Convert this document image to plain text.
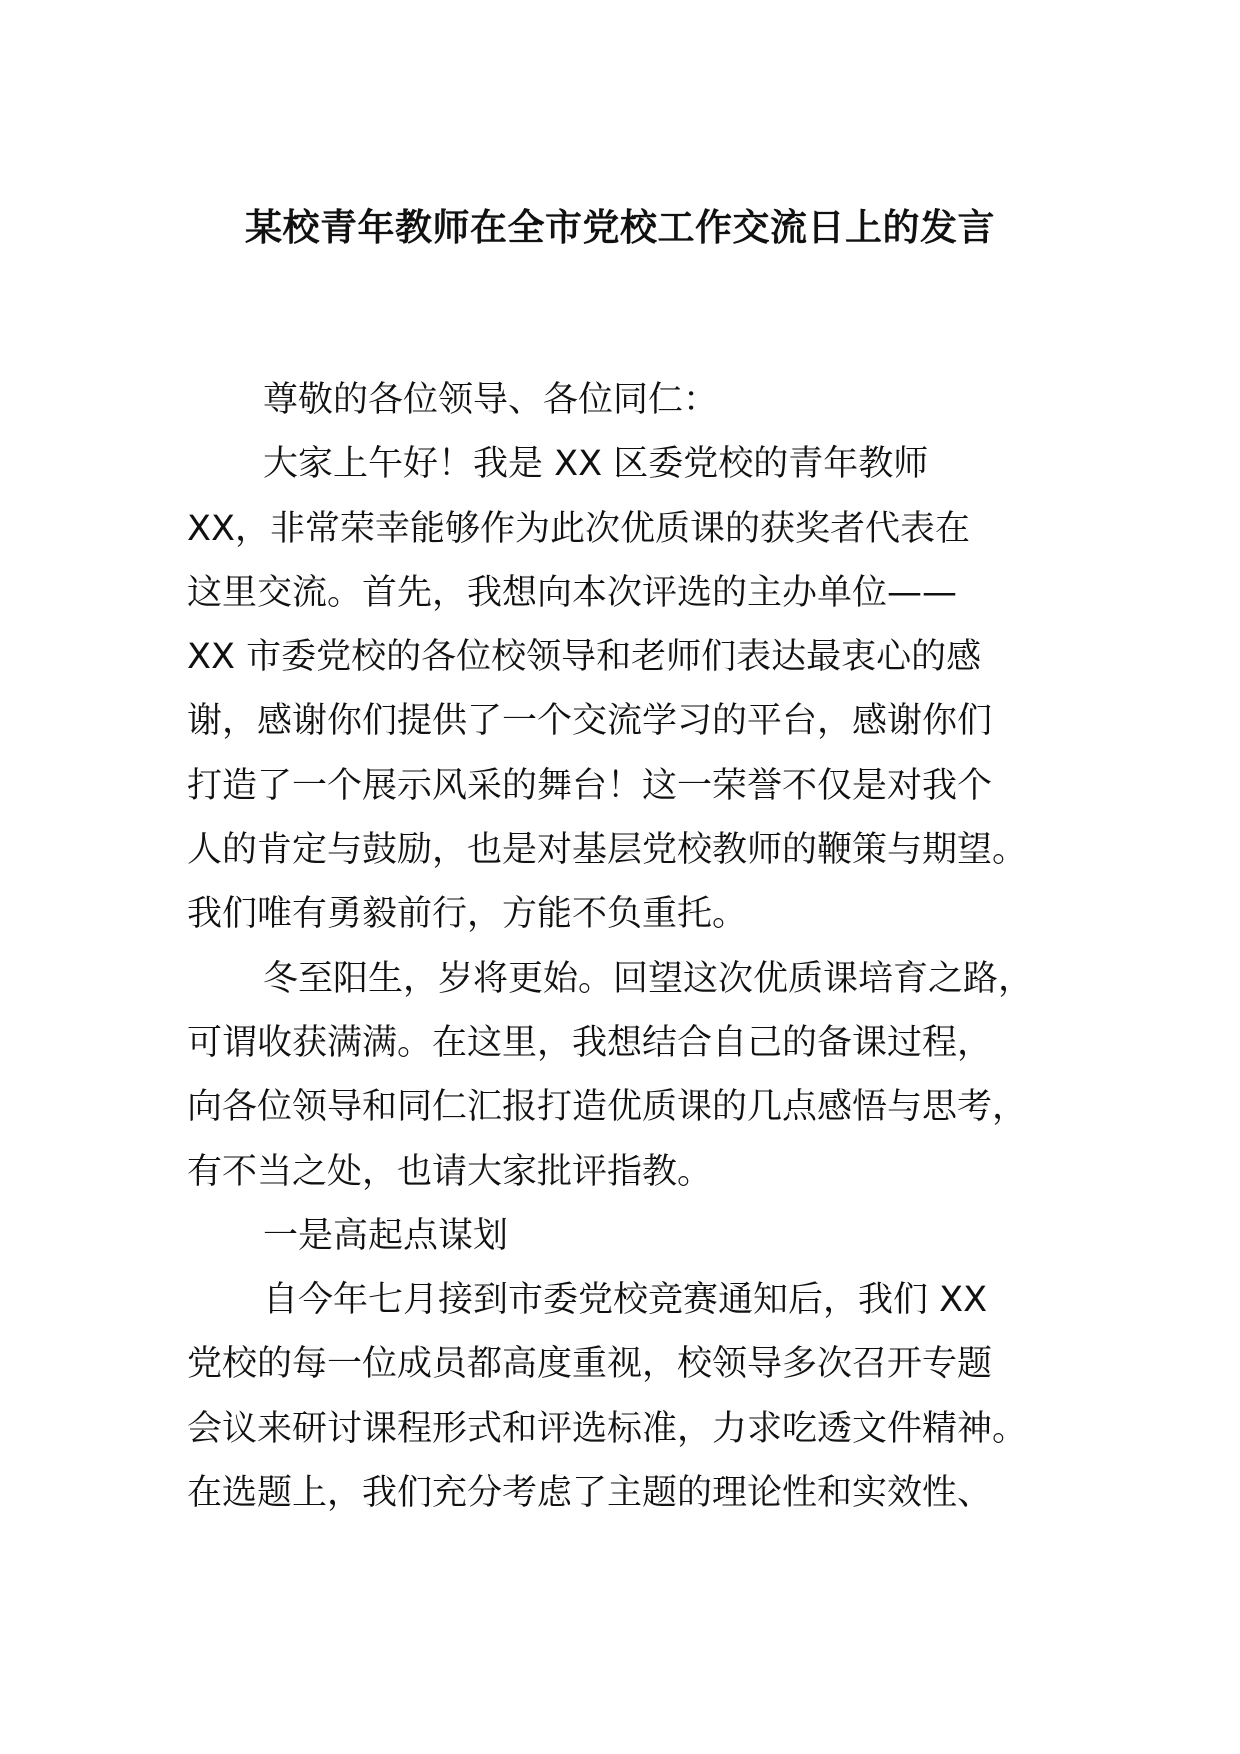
某校青年教师在全市党校工作交流日上的发言
尊敬的各位领导、各位同仁：
大家上午好！我是 XX 区委党校的青年教师
XX，非常荣幸能够作为此次优质课的获奖者代表在
这里交流。首先，我想向本次评选的主办单位——
XX 市委党校的各位校领导和老师们表达最衷心的感
谢，感谢你们提供了一个交流学习的平台，感谢你们
打造了一个展示风采的舞台！这一荣誉不仅是对我个
人的肯定与鼓励，也是对基层党校教师的鞭策与期望。
我们唯有勇毅前行，方能不负重托。
冬至阳生，岁将更始。回望这次优质课培育之路，
可谓收获满满。在这里，我想结合自己的备课过程，
向各位领导和同仁汇报打造优质课的几点感悟与思考，
有不当之处，也请大家批评指教。
一是高起点谋划
自今年七月接到市委党校竞赛通知后，我们 XX
党校的每一位成员都高度重视，校领导多次召开专题
会议来研讨课程形式和评选标准，力求吃透文件精神。
在选题上，我们充分考虑了主题的理论性和实效性、
